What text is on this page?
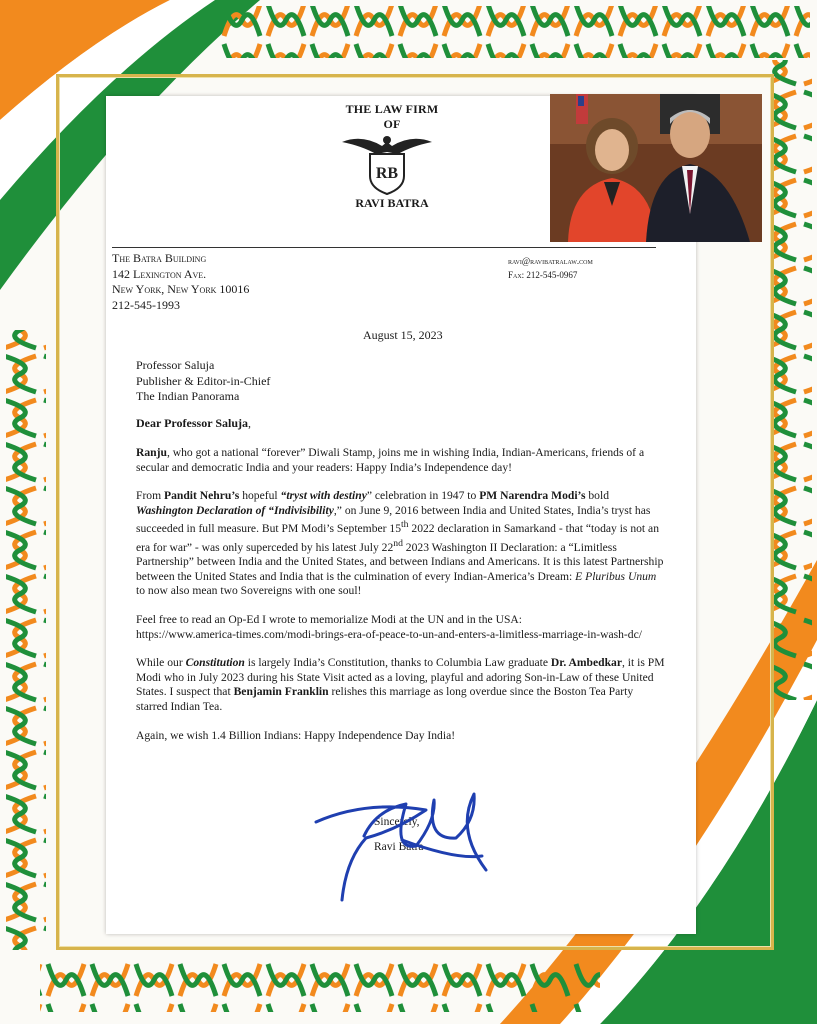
THE LAW FIRM
OF
RB
RAVI BATRA
The Batra Building
142 Lexington Ave.
New York, New York 10016
212-545-1993
ravi@ravibatralaw.com
Fax: 212-545-0967
August 15, 2023
Professor Saluja
Publisher & Editor-in-Chief
The Indian Panorama
Dear Professor Saluja,

Ranju, who got a national “forever” Diwali Stamp, joins me in wishing India, Indian-Americans, friends of a secular and democratic India and your readers: Happy India’s Independence day!

From Pandit Nehru’s hopeful “tryst with destiny” celebration in 1947 to PM Narendra Modi’s bold Washington Declaration of “Indivisibility,” on June 9, 2016 between India and United States, India’s tryst has succeeded in full measure. But PM Modi’s September 15th 2022 declaration in Samarkand - that “today is not an era for war” - was only superceded by his latest July 22nd 2023 Washington II Declaration: a “Limitless Partnership” between India and the United States, and between Indians and Americans. It is this latest Partnership between the United States and India that is the culmination of every Indian-America’s Dream: E Pluribus Unum to now also mean two Sovereigns with one soul!

Feel free to read an Op-Ed I wrote to memorialize Modi at the UN and in the USA:
https://www.america-times.com/modi-brings-era-of-peace-to-un-and-enters-a-limitless-marriage-in-wash-dc/

While our Constitution is largely India’s Constitution, thanks to Columbia Law graduate Dr. Ambedkar, it is PM Modi who in July 2023 during his State Visit acted as a loving, playful and adoring Son-in-Law of these United States. I suspect that Benjamin Franklin relishes this marriage as long overdue since the Boston Tea Party starred Indian Tea.

Again, we wish 1.4 Billion Indians: Happy Independence Day India!

Sincerely,
Ravi Batra
